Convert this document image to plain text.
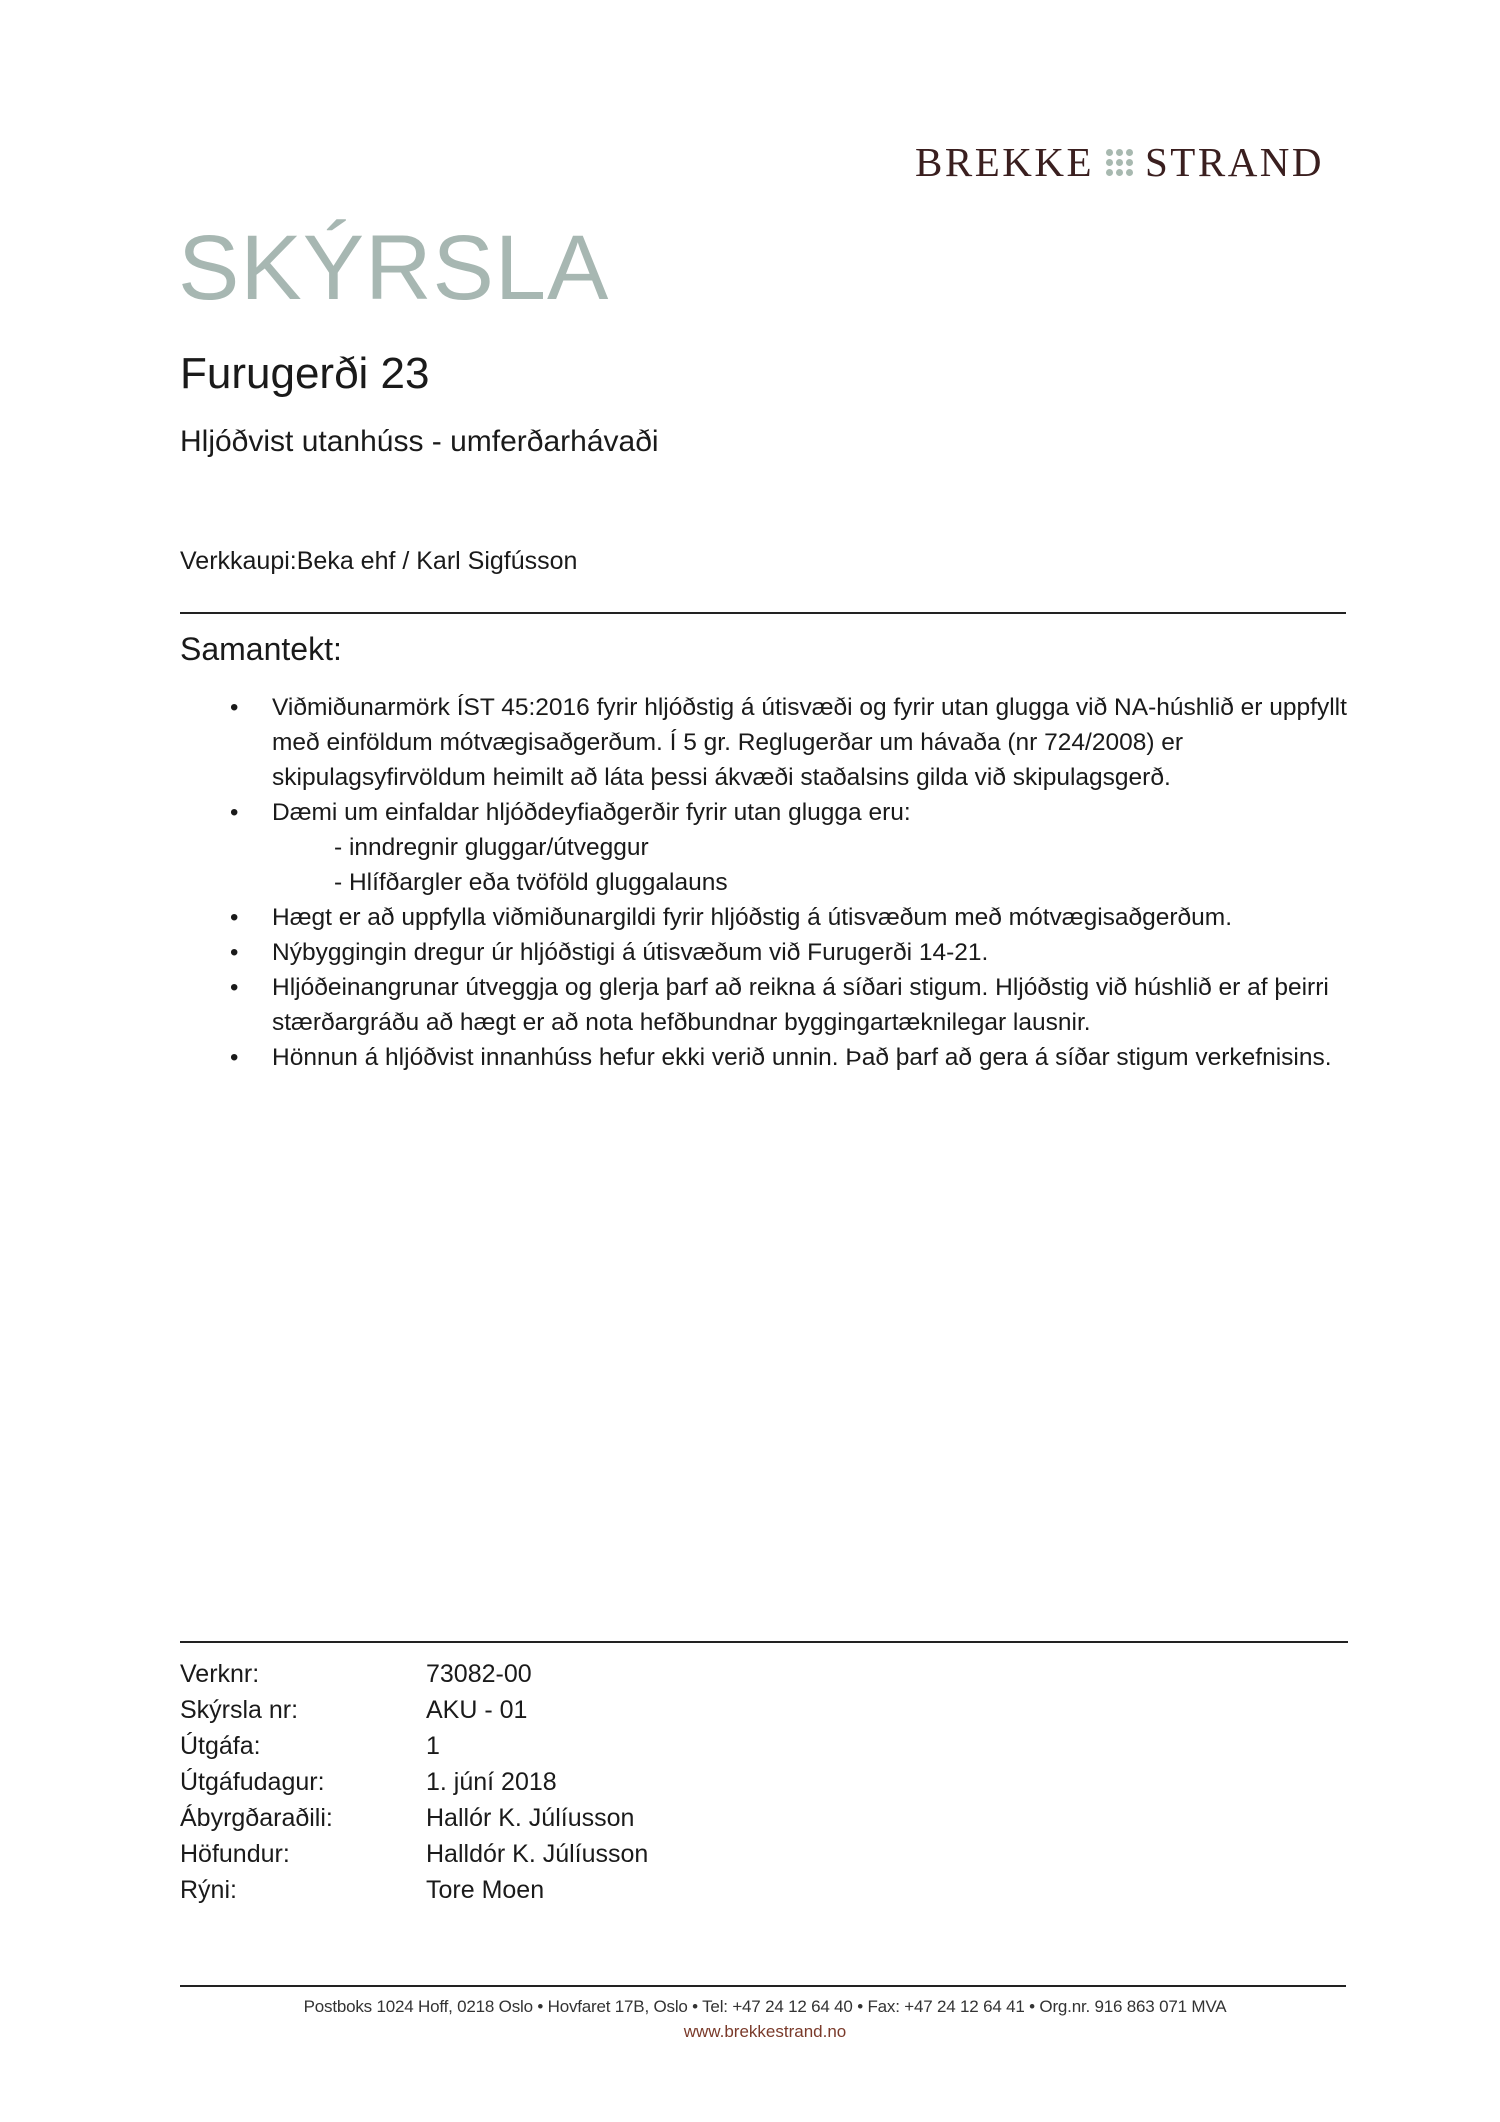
BREKKE STRAND
SKÝRSLA
Furugerði 23
Hljóðvist utanhúss - umferðarhávaði
Verkkaupi:Beka ehf / Karl Sigfússon
Samantekt:
• Viðmiðunarmörk ÍST 45:2016 fyrir hljóðstig á útisvæði og fyrir utan glugga við NA-húshlið er uppfyllt með einföldum mótvægisaðgerðum. Í 5 gr. Reglugerðar um hávaða (nr 724/2008) er skipulagsyfirvöldum heimilt að láta þessi ákvæði staðalsins gilda við skipulagsgerð.
• Dæmi um einfaldar hljóðdeyfiaðgerðir fyrir utan glugga eru:
- inndregnir gluggar/útveggur
- Hlífðargler eða tvöföld gluggalauns
• Hægt er að uppfylla viðmiðunargildi fyrir hljóðstig á útisvæðum með mótvægisaðgerðum.
• Nýbyggingin dregur úr hljóðstigi á útisvæðum við Furugerði 14-21.
• Hljóðeinangrunar útveggja og glerja þarf að reikna á síðari stigum. Hljóðstig við húshlið er af þeirri stærðargráðu að hægt er að nota hefðbundnar byggingartæknilegar lausnir.
• Hönnun á hljóðvist innanhúss hefur ekki verið unnin. Það þarf að gera á síðar stigum verkefnisins.
Verknr:	73082-00
Skýrsla nr:	AKU - 01
Útgáfa:	1
Útgáfudagur:	1. júní 2018
Ábyrgðaraðili:	Hallór K. Júlíusson
Höfundur:	Halldór K. Júlíusson
Rýni:	Tore Moen
Postboks 1024 Hoff, 0218 Oslo • Hovfaret 17B, Oslo • Tel: +47 24 12 64 40 • Fax: +47 24 12 64 41 • Org.nr. 916 863 071 MVA
www.brekkestrand.no
